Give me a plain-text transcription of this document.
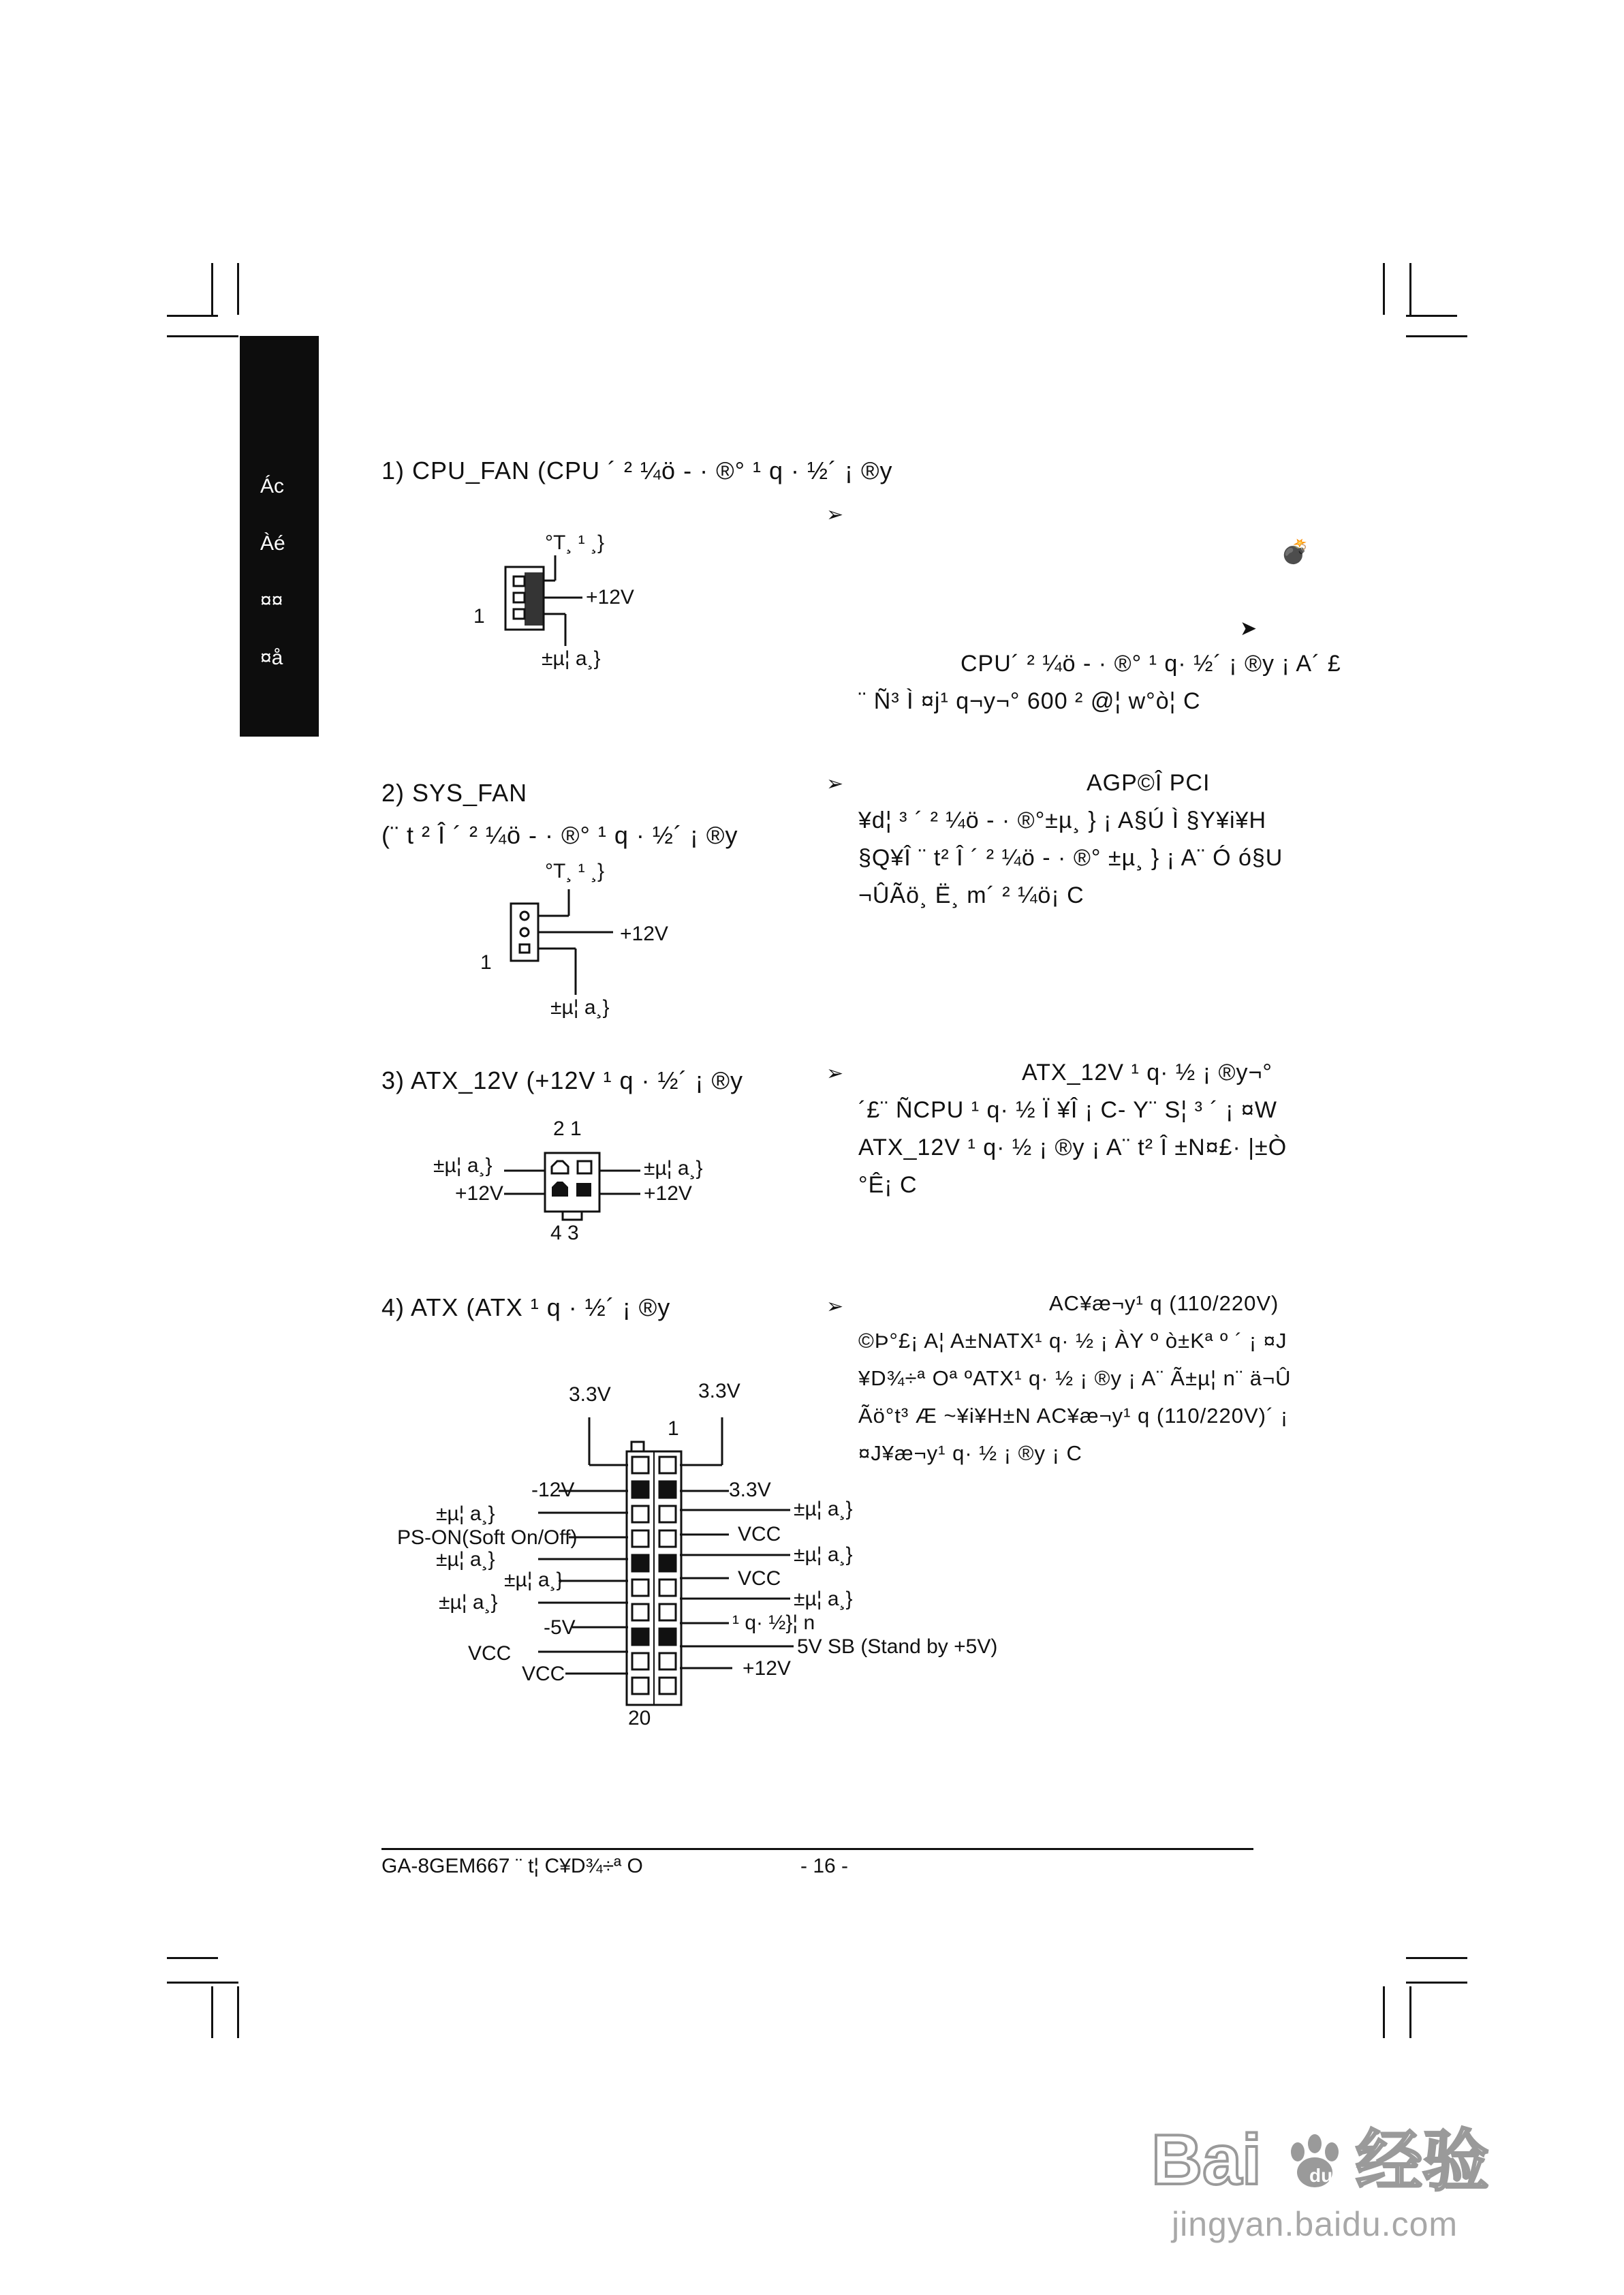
Ác
Àé
¤¤
¤å
1) CPU_FAN (CPU ´ ² ¼ö - · ®° ¹ q · ½´ ¡ ®y
°T¸ ¹ ¸}
+12V
1
±µ¦ a¸}
➢
💣
➤
CPU´ ² ¼ö - · ®° ¹ q· ½´ ¡ ®y ¡ A´ £
¨ Ñ³ Ì ¤j¹ q¬y¬° 600 ² @¦ w°ò¦ C
2) SYS_FAN
(¨ t ² Î ´ ² ¼ö - · ®° ¹ q · ½´ ¡ ®y
°T¸ ¹ ¸}
+12V
1
±µ¦ a¸}
➢	AGP©Î PCI
¥d¦ ³ ´ ² ¼ö - · ®°±µ¸ } ¡ A§Ú Ì §Y¥i¥H
§Q¥Î ¨ t² Î ´ ² ¼ö - · ®° ±µ¸ } ¡ A¨ Ó ó§U
¬ÛÃö¸ Ë¸ m´ ² ¼ö¡ C
3) ATX_12V (+12V ¹ q · ½´ ¡ ®y
2 1
±µ¦ a¸}
+12V
±µ¦ a¸}
+12V
4 3
➢	ATX_12V ¹ q· ½ ¡ ®y¬°
´£¨ ÑCPU ¹ q· ½ Ï ¥Î ¡ C- Y¨ S¦ ³ ´ ¡ ¤W
ATX_12V ¹ q· ½ ¡ ®y ¡ A¨ t² Î ±N¤£· |±Ò
°Ê¡ C
4) ATX (ATX ¹ q · ½´ ¡ ®y
3.3V	3.3V
1
20
-12V
±µ¦ a¸}
PS-ON(Soft On/Off)
±µ¦ a¸}
±µ¦ a¸}
±µ¦ a¸}
-5V
VCC
VCC
3.3V
±µ¦ a¸}
VCC
±µ¦ a¸}
VCC
±µ¦ a¸}
¹ q· ½}¦ n
5V SB (Stand by +5V)
+12V
➢	AC¥æ¬y¹ q (110/220V)
©Þ°£¡ A¦ A±NATX¹ q· ½ ¡ ÀY º ò±Kª º ´ ¡ ¤J
¥D¾÷ª Oª ºATX¹ q· ½ ¡ ®y ¡ A¨ Ã±µ¦ n¨ ä¬Û
Ãö°t³ Æ ~¥i¥H±N AC¥æ¬y¹ q (110/220V)´ ¡
¤J¥æ¬y¹ q· ½ ¡ ®y ¡ C
GA-8GEM667 ¨ t¦ C¥D¾÷ª O	- 16 -
Bai	du 经验
jingyan.baidu.com
